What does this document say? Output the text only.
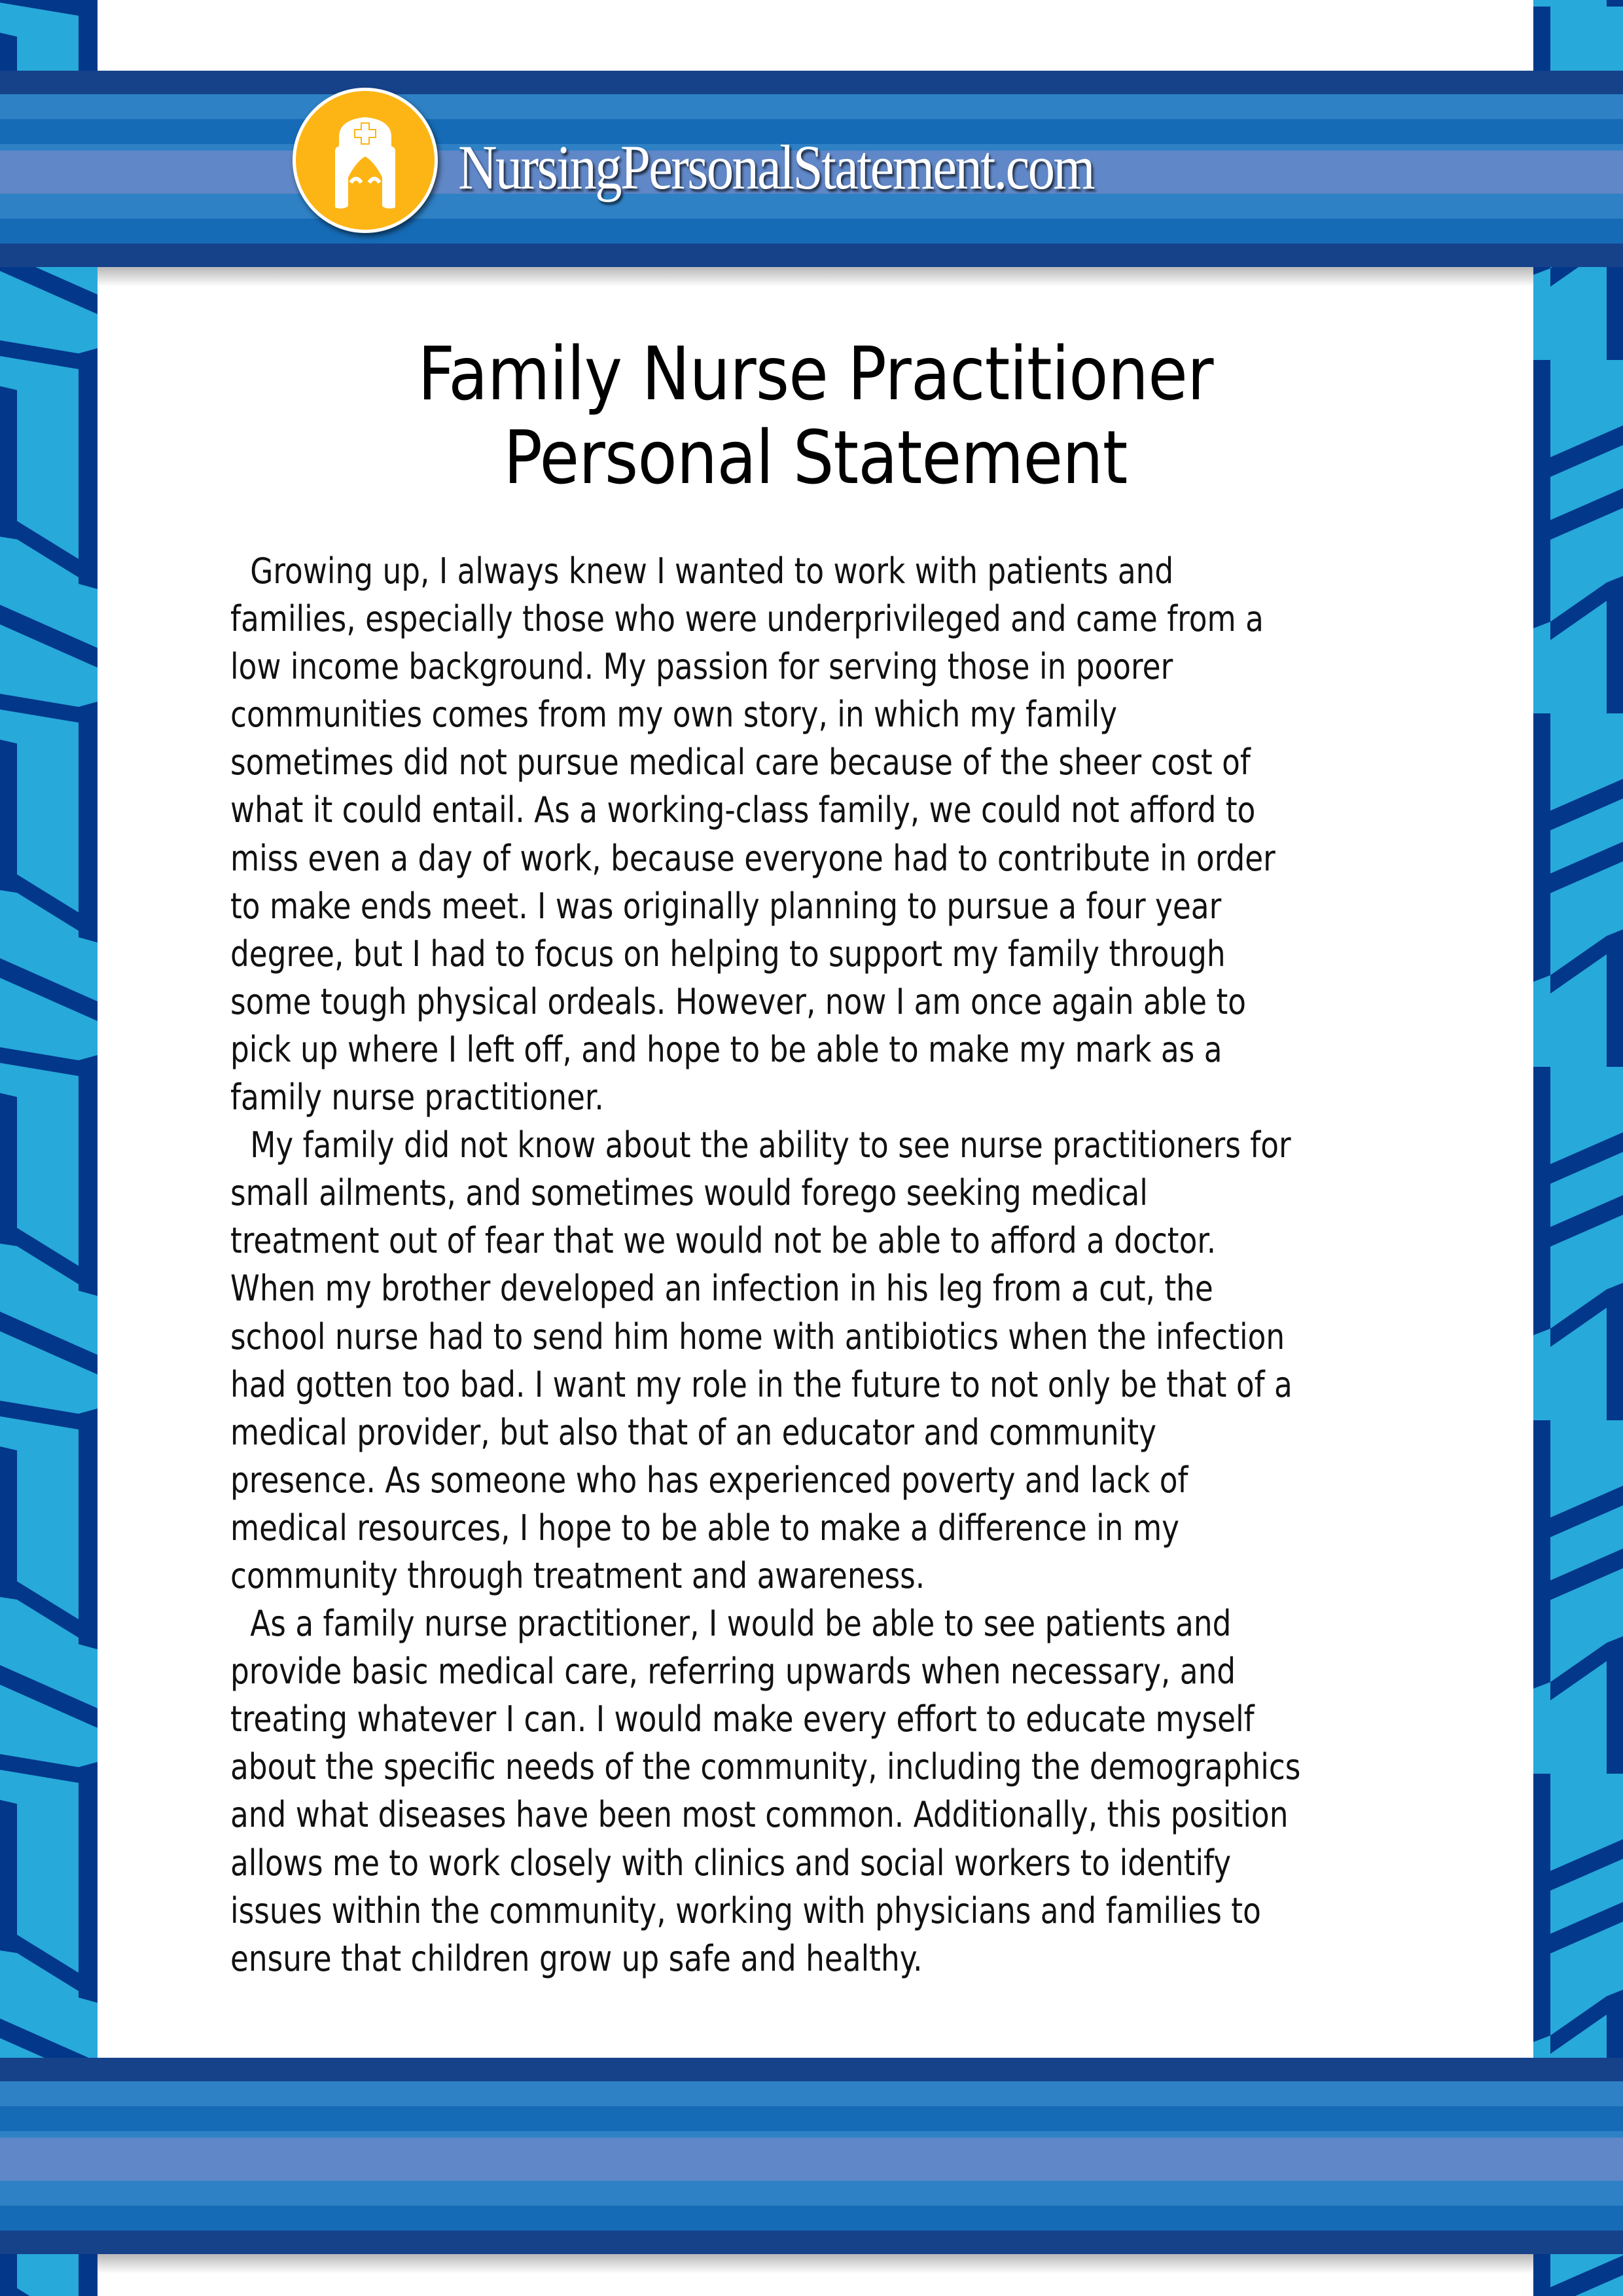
NursingPersonalStatement.com
Family Nurse Practitioner
Personal Statement
Growing up, I always knew I wanted to work with patients and
families, especially those who were underprivileged and came from a
low income background. My passion for serving those in poorer
communities comes from my own story, in which my family
sometimes did not pursue medical care because of the sheer cost of
what it could entail. As a working-class family, we could not afford to
miss even a day of work, because everyone had to contribute in order
to make ends meet. I was originally planning to pursue a four year
degree, but I had to focus on helping to support my family through
some tough physical ordeals. However, now I am once again able to
pick up where I left off, and hope to be able to make my mark as a
family nurse practitioner.
My family did not know about the ability to see nurse practitioners for
small ailments, and sometimes would forego seeking medical
treatment out of fear that we would not be able to afford a doctor.
When my brother developed an infection in his leg from a cut, the
school nurse had to send him home with antibiotics when the infection
had gotten too bad. I want my role in the future to not only be that of a
medical provider, but also that of an educator and community
presence. As someone who has experienced poverty and lack of
medical resources, I hope to be able to make a difference in my
community through treatment and awareness.
As a family nurse practitioner, I would be able to see patients and
provide basic medical care, referring upwards when necessary, and
treating whatever I can. I would make every effort to educate myself
about the specific needs of the community, including the demographics
and what diseases have been most common. Additionally, this position
allows me to work closely with clinics and social workers to identify
issues within the community, working with physicians and families to
ensure that children grow up safe and healthy.
